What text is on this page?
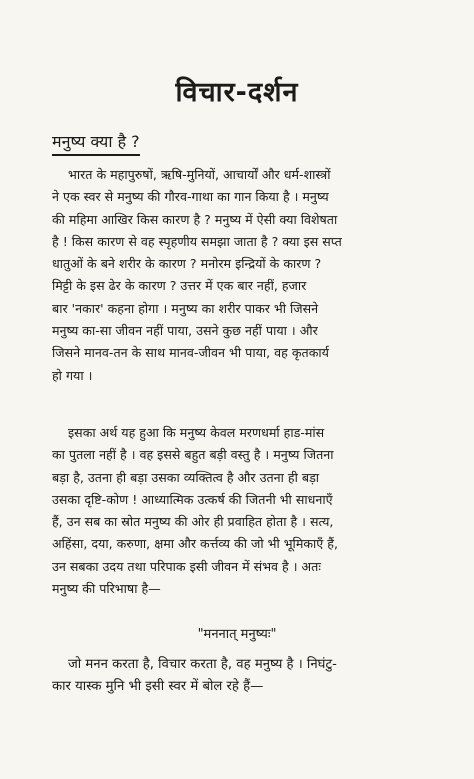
विचार-दर्शन
मनुष्य क्या है ?
भारत के महापुरुषों, ऋषि-मुनियों, आचार्यों और धर्म-शास्त्रों
ने एक स्वर से मनुष्य की गौरव-गाथा का गान किया है । मनुष्य
की महिमा आखिर किस कारण है ? मनुष्य में ऐसी क्या विशेषता
है ! किस कारण से वह स्पृहणीय समझा जाता है ? क्या इस सप्त
धातुओं के बने शरीर के कारण ? मनोरम इन्द्रियों के कारण ?
मिट्टी के इस ढेर के कारण ? उत्तर में एक बार नहीं, हजार
बार 'नकार' कहना होगा । मनुष्य का शरीर पाकर भी जिसने
मनुष्य का-सा जीवन नहीं पाया, उसने कुछ नहीं पाया । और
जिसने मानव-तन के साथ मानव-जीवन भी पाया, वह कृतकार्य
हो गया ।
इसका अर्थ यह हुआ कि मनुष्य केवल मरणधर्मा हाड-मांस
का पुतला नहीं है । वह इससे बहुत बड़ी वस्तु है । मनुष्य जितना
बड़ा है, उतना ही बड़ा उसका व्यक्तित्व है और उतना ही बड़ा
उसका दृष्टि-कोण ! आध्यात्मिक उत्कर्ष की जितनी भी साधनाएँ
हैं, उन सब का स्रोत मनुष्य की ओर ही प्रवाहित होता है । सत्य,
अहिंसा, दया, करुणा, क्षमा और कर्त्तव्य की जो भी भूमिकाएँ हैं,
उन सबका उदय तथा परिपाक इसी जीवन में संभव है । अतः
मनुष्य की परिभाषा है—
"मननात् मनुष्यः"
जो मनन करता है, विचार करता है, वह मनुष्य है । निघंटु-
कार यास्क मुनि भी इसी स्वर में बोल रहे हैं—
